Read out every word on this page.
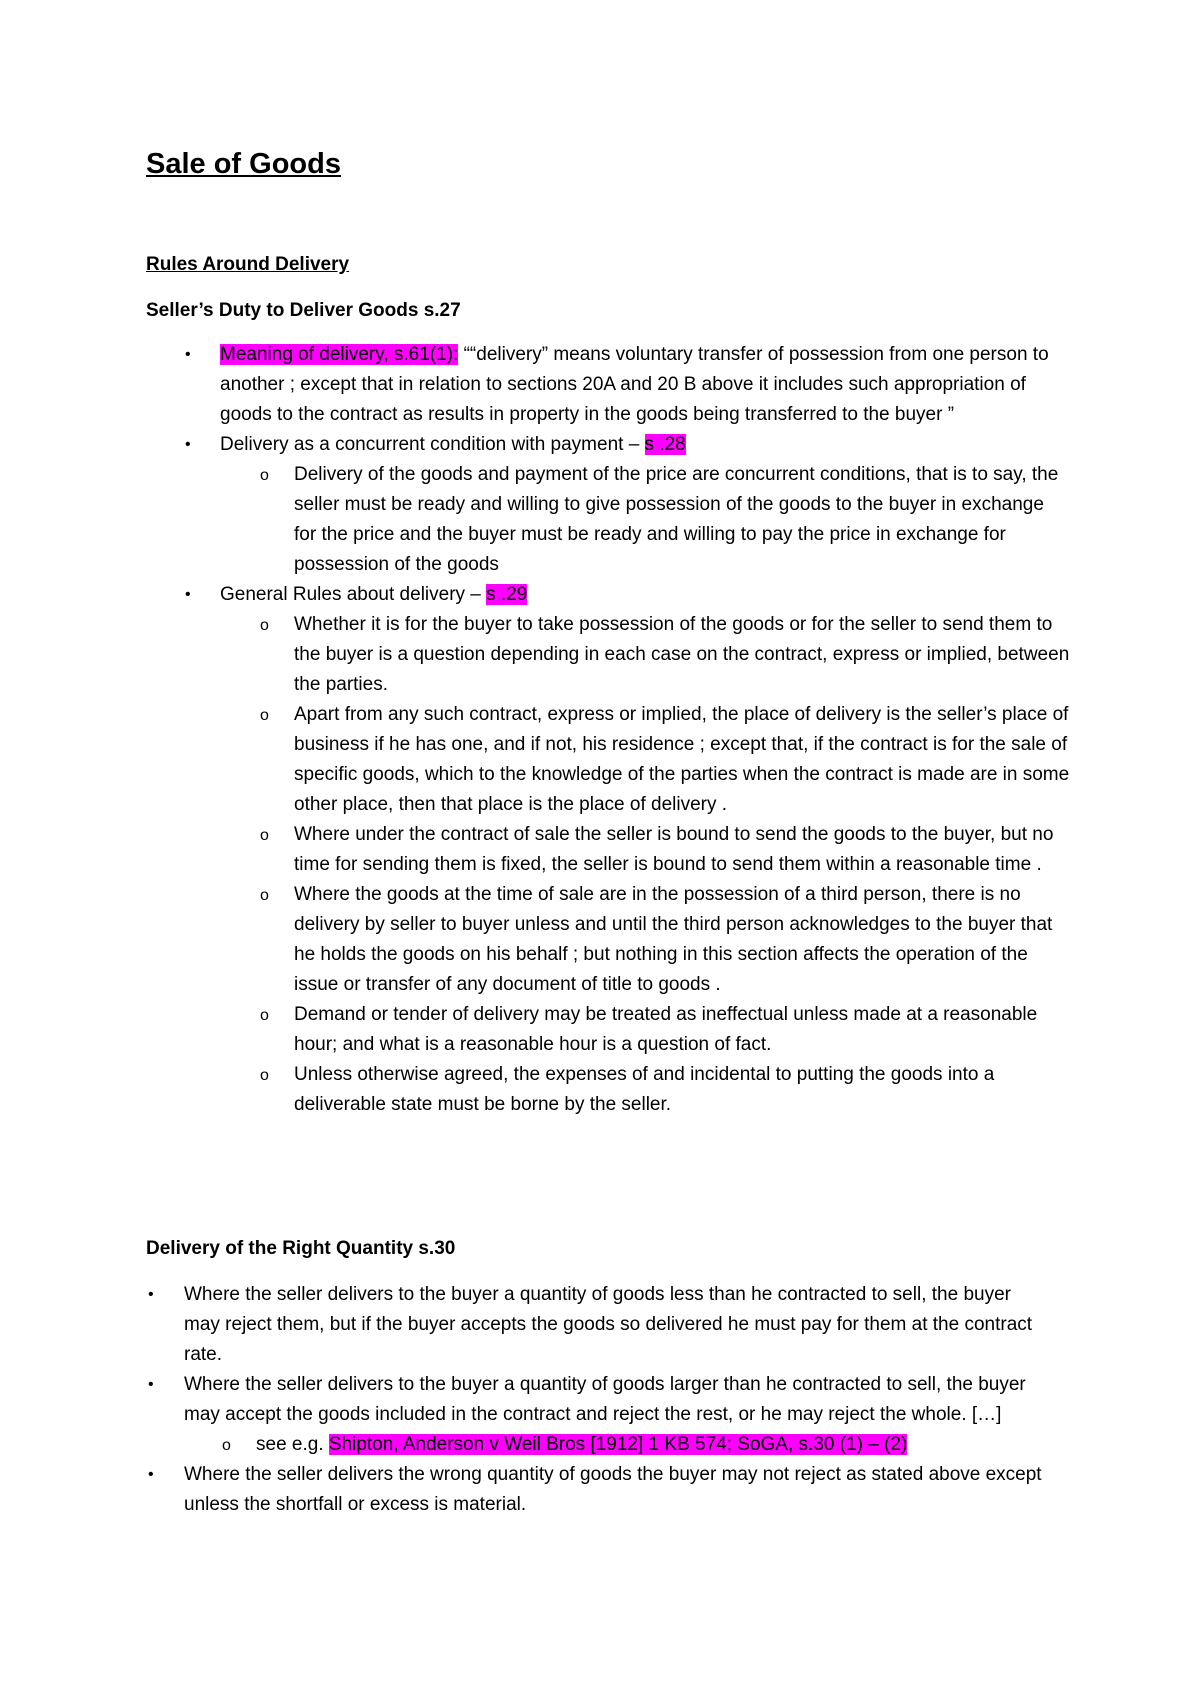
Sale of Goods
Rules Around Delivery
Seller’s Duty to Deliver Goods s.27
• Meaning of delivery, s.61(1): ““delivery” means voluntary transfer of possession from one person to another ; except that in relation to sections 20A and 20 B above it includes such appropriation of goods to the contract as results in property in the goods being transferred to the buyer ”
• Delivery as a concurrent condition with payment – s .28
o Delivery of the goods and payment of the price are concurrent conditions, that is to say, the seller must be ready and willing to give possession of the goods to the buyer in exchange for the price and the buyer must be ready and willing to pay the price in exchange for possession of the goods
• General Rules about delivery – s .29
o Whether it is for the buyer to take possession of the goods or for the seller to send them to the buyer is a question depending in each case on the contract, express or implied, between the parties.
o Apart from any such contract, express or implied, the place of delivery is the seller’s place of business if he has one, and if not, his residence ; except that, if the contract is for the sale of specific goods, which to the knowledge of the parties when the contract is made are in some other place, then that place is the place of delivery .
o Where under the contract of sale the seller is bound to send the goods to the buyer, but no time for sending them is fixed, the seller is bound to send them within a reasonable time .
o Where the goods at the time of sale are in the possession of a third person, there is no delivery by seller to buyer unless and until the third person acknowledges to the buyer that he holds the goods on his behalf ; but nothing in this section affects the operation of the issue or transfer of any document of title to goods .
o Demand or tender of delivery may be treated as ineffectual unless made at a reasonable hour; and what is a reasonable hour is a question of fact.
o Unless otherwise agreed, the expenses of and incidental to putting the goods into a deliverable state must be borne by the seller.
Delivery of the Right Quantity s.30
• Where the seller delivers to the buyer a quantity of goods less than he contracted to sell, the buyer may reject them, but if the buyer accepts the goods so delivered he must pay for them at the contract rate.
• Where the seller delivers to the buyer a quantity of goods larger than he contracted to sell, the buyer may accept the goods included in the contract and reject the rest, or he may reject the whole. […]
o see e.g. Shipton, Anderson v Weil Bros [1912] 1 KB 574; SoGA, s.30 (1) – (2)
• Where the seller delivers the wrong quantity of goods the buyer may not reject as stated above except unless the shortfall or excess is material.
